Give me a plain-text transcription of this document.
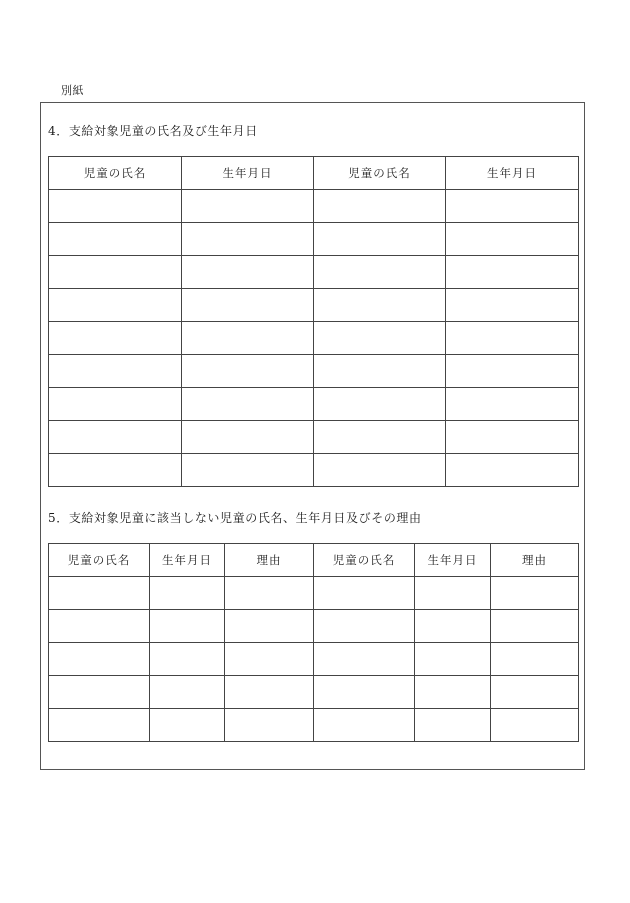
別紙
4．支給対象児童の氏名及び生年月日
児童の氏名	生年月日	児童の氏名	生年月日

5．支給対象児童に該当しない児童の氏名、生年月日及びその理由
児童の氏名	生年月日	理由	児童の氏名	生年月日	理由
